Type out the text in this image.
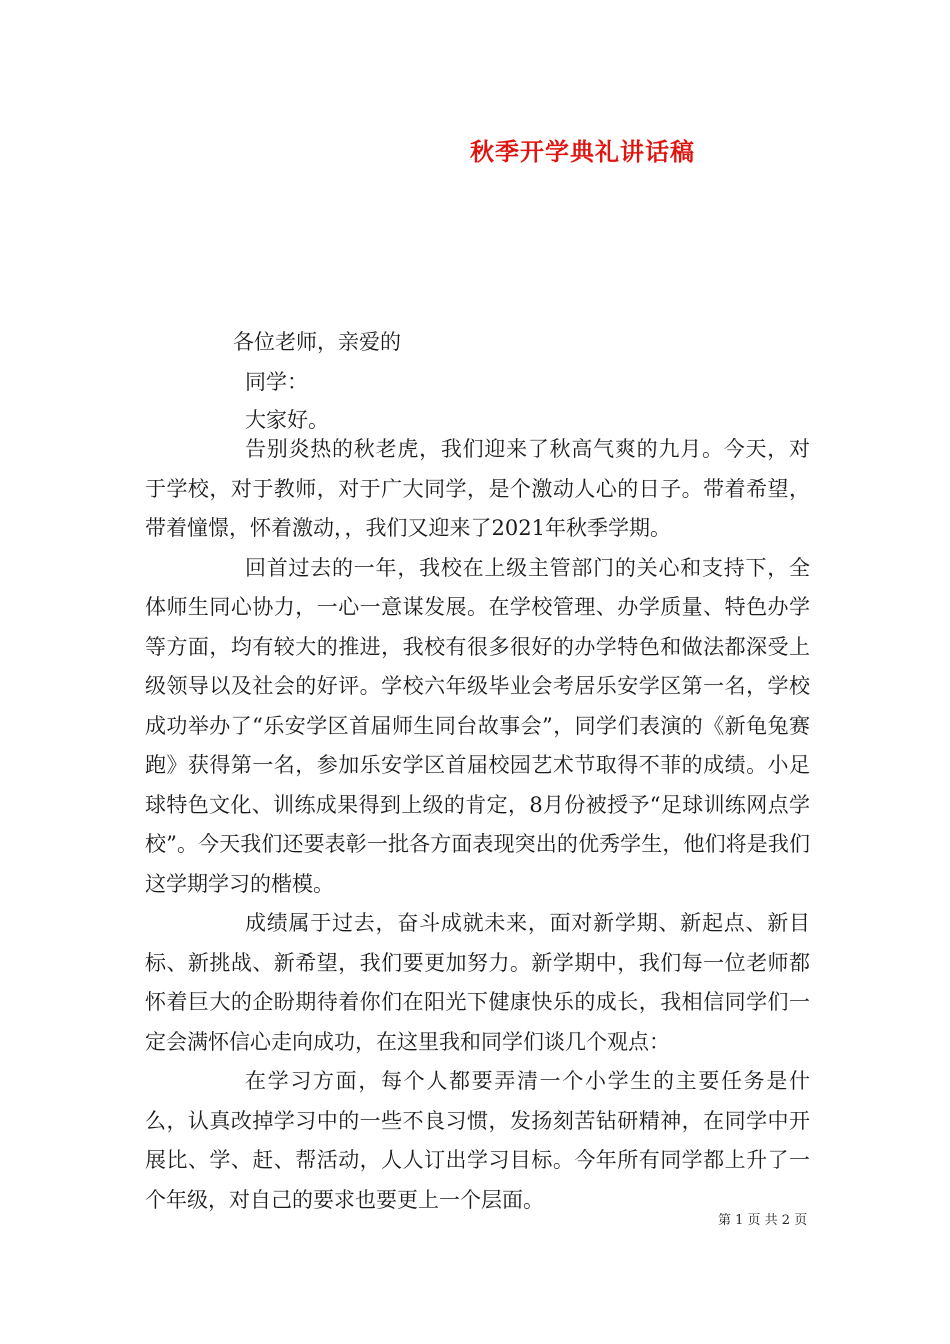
秋季开学典礼讲话稿
各位老师，亲爱的
同学：
大家好。

告别炎热的秋老虎，我们迎来了秋高气爽的九月。今天，对于学校，对于教师，对于广大同学，是个激动人心的日子。带着希望，带着憧憬，怀着激动，，我们又迎来了2021年秋季学期。

回首过去的一年，我校在上级主管部门的关心和支持下，全体师生同心协力，一心一意谋发展。在学校管理、办学质量、特色办学等方面，均有较大的推进，我校有很多很好的办学特色和做法都深受上级领导以及社会的好评。学校六年级毕业会考居乐安学区第一名，学校成功举办了“乐安学区首届师生同台故事会”，同学们表演的《新龟兔赛跑》获得第一名，参加乐安学区首届校园艺术节取得不菲的成绩。小足球特色文化、训练成果得到上级的肯定，8月份被授予“足球训练网点学校”。今天我们还要表彰一批各方面表现突出的优秀学生，他们将是我们这学期学习的楷模。

成绩属于过去，奋斗成就未来，面对新学期、新起点、新目标、新挑战、新希望，我们要更加努力。新学期中，我们每一位老师都怀着巨大的企盼期待着你们在阳光下健康快乐的成长，我相信同学们一定会满怀信心走向成功，在这里我和同学们谈几个观点：

在学习方面，每个人都要弄清一个小学生的主要任务是什么，认真改掉学习中的一些不良习惯，发扬刻苦钻研精神，在同学中开展比、学、赶、帮活动，人人订出学习目标。今年所有同学都上升了一个年级，对自己的要求也要更上一个层面。

第 1 页 共 2 页
